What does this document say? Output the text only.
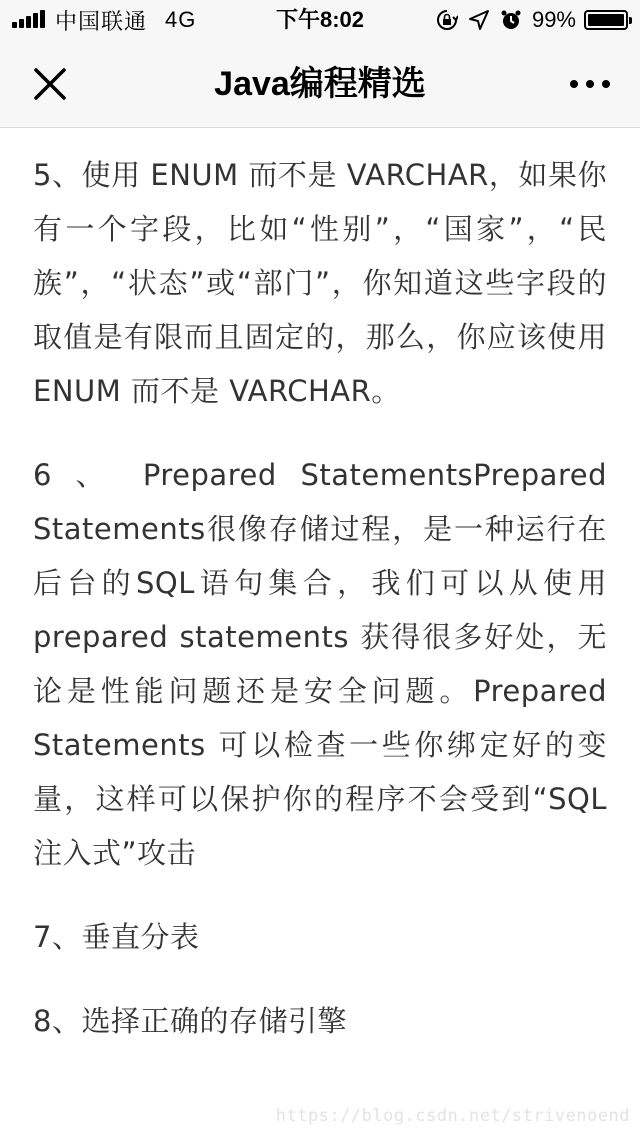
中国联通 4G	下午8:02	99%
Java编程精选

5、使用 ENUM 而不是 VARCHAR，如果你有一个字段，比如“性别”，“国家”，“民族”，“状态”或“部门”，你知道这些字段的取值是有限而且固定的，那么，你应该使用 ENUM 而不是 VARCHAR。

6 、 Prepared StatementsPrepared Statements很像存储过程，是一种运行在后台的SQL语句集合，我们可以从使用prepared statements 获得很多好处，无论是性能问题还是安全问题。Prepared Statements 可以检查一些你绑定好的变量，这样可以保护你的程序不会受到“SQL注入式”攻击

7、垂直分表

8、选择正确的存储引擎

https://blog.csdn.net/strivenoend
